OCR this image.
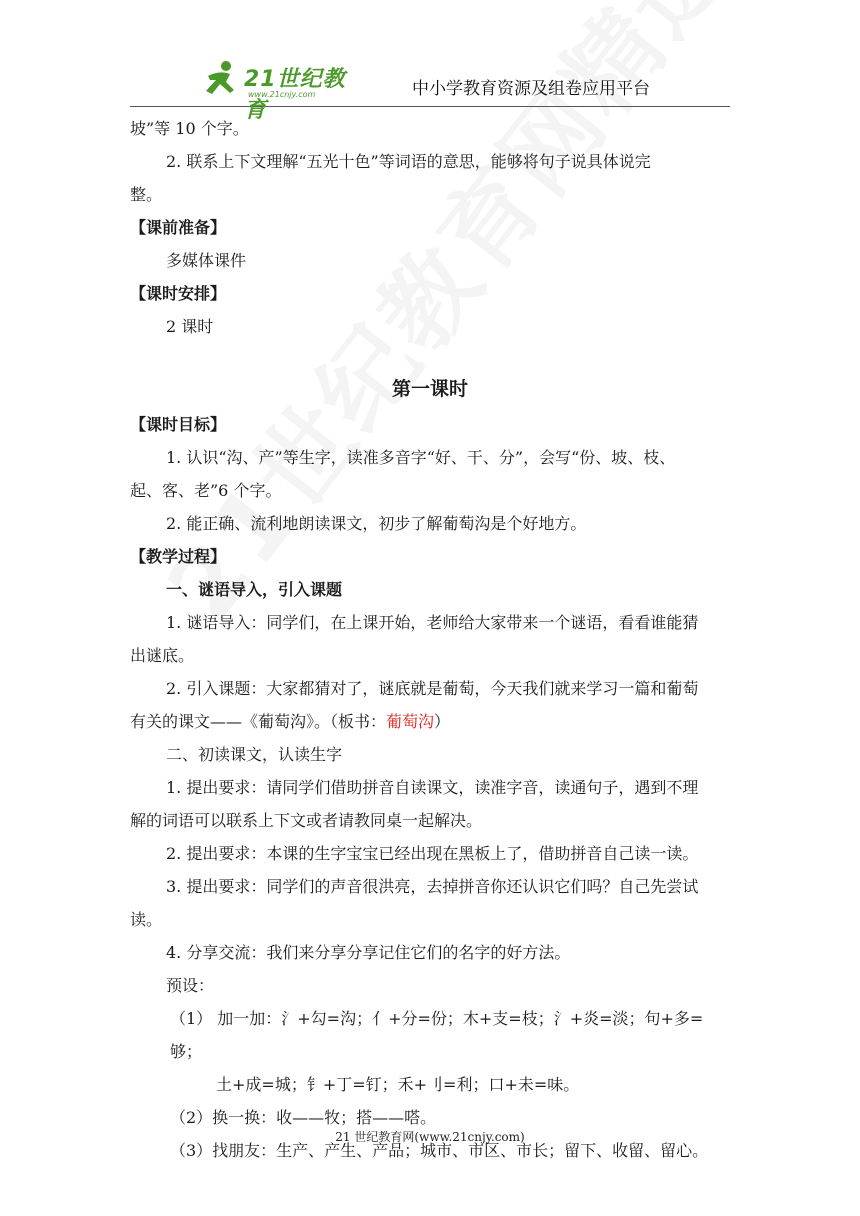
21世纪教育
www.21cnjy.com	中小学教育资源及组卷应用平台

坡”等 10 个字。

2. 联系上下文理解“五光十色”等词语的意思，能够将句子说具体说完

整。

【课前准备】

多媒体课件

【课时安排】

2 课时

第一课时

【课时目标】

1. 认识“沟、产”等生字，读准多音字“好、干、分”，会写“份、坡、枝、

起、客、老”6 个字。

2. 能正确、流利地朗读课文，初步了解葡萄沟是个好地方。

【教学过程】

一、谜语导入，引入课题

1. 谜语导入：同学们，在上课开始，老师给大家带来一个谜语，看看谁能猜

出谜底。

2. 引入课题：大家都猜对了，谜底就是葡萄，今天我们就来学习一篇和葡萄

有关的课文——《葡萄沟》。（板书：葡萄沟）

二、初读课文，认读生字

1. 提出要求：请同学们借助拼音自读课文，读准字音，读通句子，遇到不理

解的词语可以联系上下文或者请教同桌一起解决。

2. 提出要求：本课的生字宝宝已经出现在黑板上了，借助拼音自己读一读。

3. 提出要求：同学们的声音很洪亮，去掉拼音你还认识它们吗？自己先尝试

读。

4. 分享交流：我们来分享分享记住它们的名字的好方法。

预设：

（1） 加一加：氵+勾=沟；亻+分=份；木+支=枝；氵+炎=淡；句+多=够；

土+成=城；钅+丁=钉；禾+刂=利；口+未=味。

（2）换一换：收——牧；搭——嗒。

（3）找朋友：生产、产生、产品；城市、市区、市长；留下、收留、留心。

21 世纪教育网(www.21cnjy.com)
